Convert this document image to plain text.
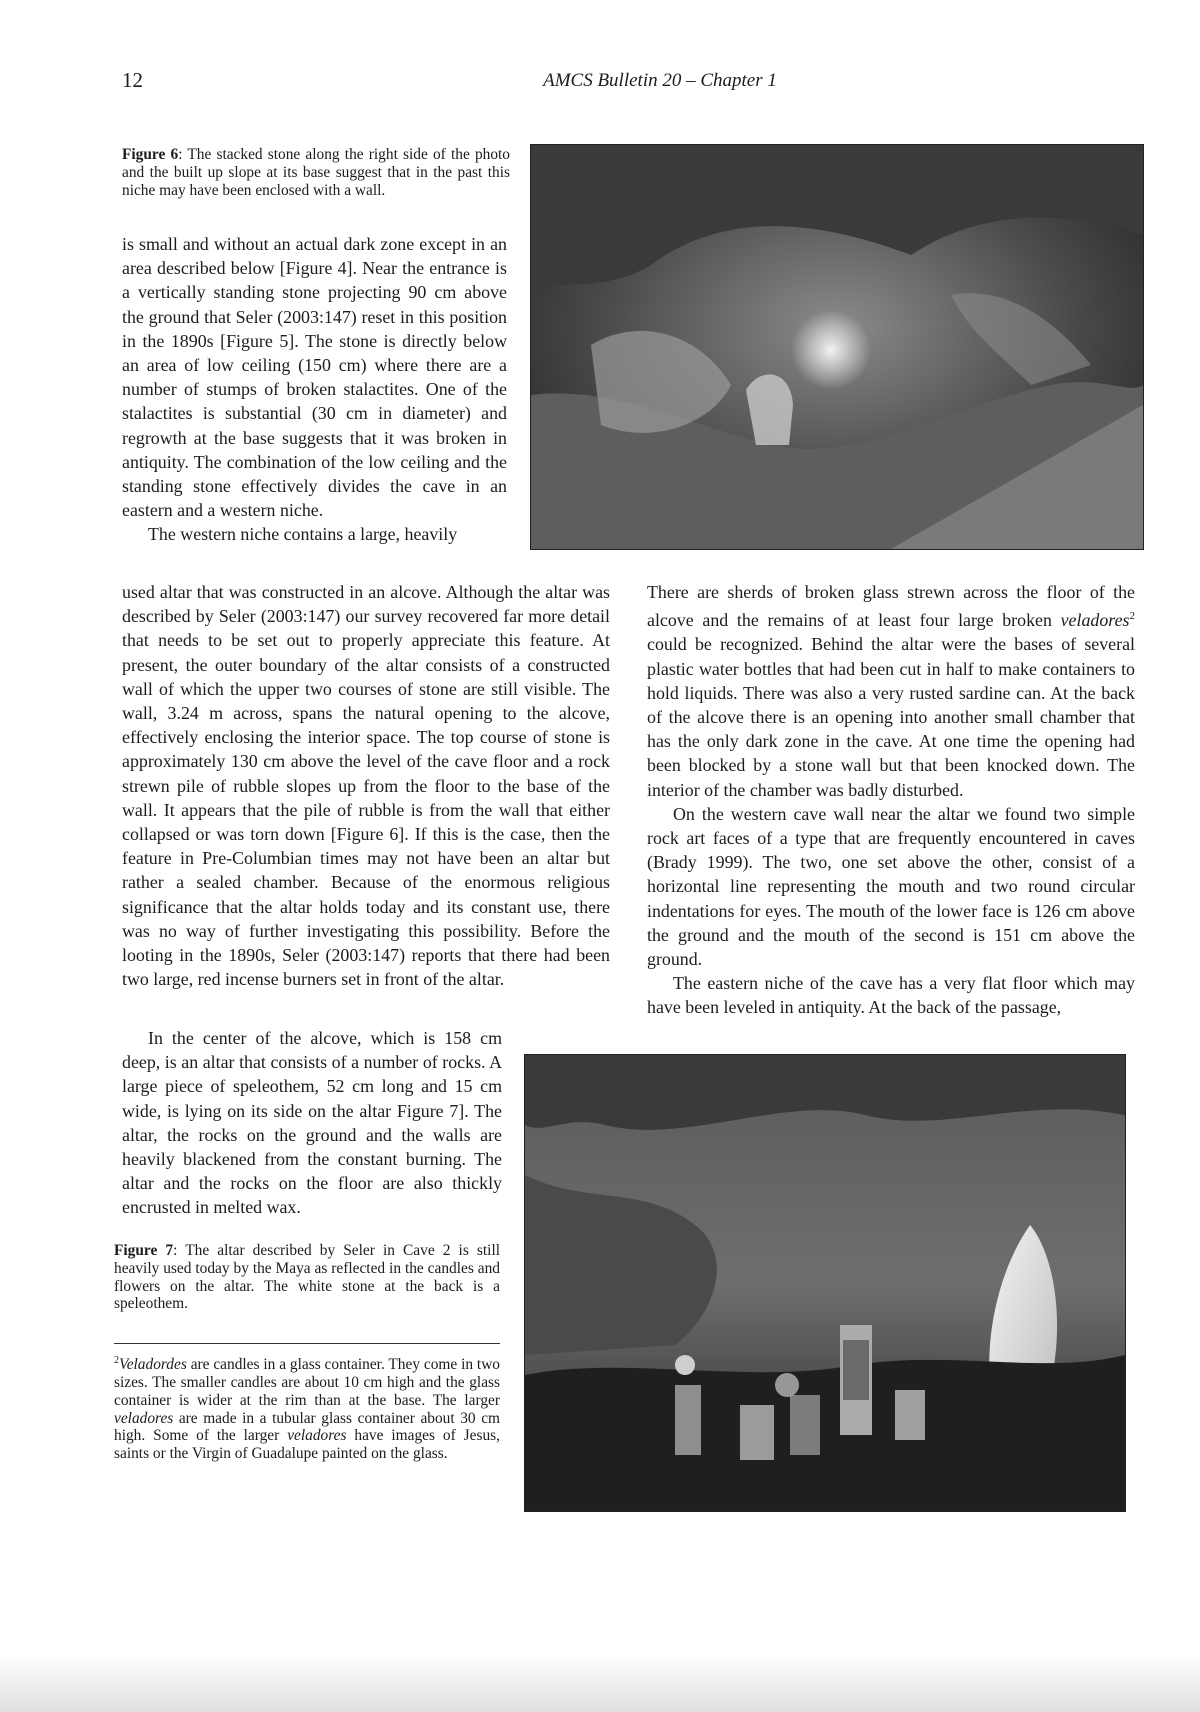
12	AMCS Bulletin 20 – Chapter 1
Figure 6: The stacked stone along the right side of the photo and the built up slope at its base suggest that in the past this niche may have been enclosed with a wall.

is small and without an actual dark zone except in an area described below [Figure 4]. Near the entrance is a vertically standing stone projecting 90 cm above the ground that Seler (2003:147) reset in this position in the 1890s [Figure 5]. The stone is directly below an area of low ceiling (150 cm) where there are a number of stumps of broken stalactites. One of the stalactites is substantial (30 cm in diameter) and regrowth at the base suggests that it was broken in antiquity. The combination of the low ceiling and the standing stone effectively divides the cave in an eastern and a western niche.

The western niche contains a large, heavily

used altar that was constructed in an alcove. Although the altar was described by Seler (2003:147) our survey recovered far more detail that needs to be set out to properly appreciate this feature. At present, the outer boundary of the altar consists of a constructed wall of which the upper two courses of stone are still visible. The wall, 3.24 m across, spans the natural opening to the alcove, effectively enclosing the interior space. The top course of stone is approximately 130 cm above the level of the cave floor and a rock strewn pile of rubble slopes up from the floor to the base of the wall. It appears that the pile of rubble is from the wall that either collapsed or was torn down [Figure 6]. If this is the case, then the feature in Pre-Columbian times may not have been an altar but rather a sealed chamber. Because of the enormous religious significance that the altar holds today and its constant use, there was no way of further investigating this possibility. Before the looting in the 1890s, Seler (2003:147) reports that there had been two large, red incense burners set in front of the altar.

In the center of the alcove, which is 158 cm deep, is an altar that consists of a number of rocks. A large piece of speleothem, 52 cm long and 15 cm wide, is lying on its side on the altar Figure 7]. The altar, the rocks on the ground and the walls are heavily blackened from the constant burning. The altar and the rocks on the floor are also thickly encrusted in melted wax.

There are sherds of broken glass strewn across the floor of the alcove and the remains of at least four large broken veladores$^2$ could be recognized. Behind the altar were the bases of several plastic water bottles that had been cut in half to make containers to hold liquids. There was also a very rusted sardine can. At the back of the alcove there is an opening into another small chamber that has the only dark zone in the cave. At one time the opening had been blocked by a stone wall but that been knocked down. The interior of the chamber was badly disturbed.

On the western cave wall near the altar we found two simple rock art faces of a type that are frequently encountered in caves (Brady 1999). The two, one set above the other, consist of a horizontal line representing the mouth and two round circular indentations for eyes. The mouth of the lower face is 126 cm above the ground and the mouth of the second is 151 cm above the ground.

The eastern niche of the cave has a very flat floor which may have been leveled in antiquity. At the back of the passage,

Figure 7: The altar described by Seler in Cave 2 is still heavily used today by the Maya as reflected in the candles and flowers on the altar. The white stone at the back is a speleothem.
$^2$Veladordes are candles in a glass container. They come in two sizes. The smaller candles are about 10 cm high and the glass container is wider at the rim than at the base. The larger veladores are made in a tubular glass container about 30 cm high. Some of the larger veladores have images of Jesus, saints or the Virgin of Guadalupe painted on the glass.
